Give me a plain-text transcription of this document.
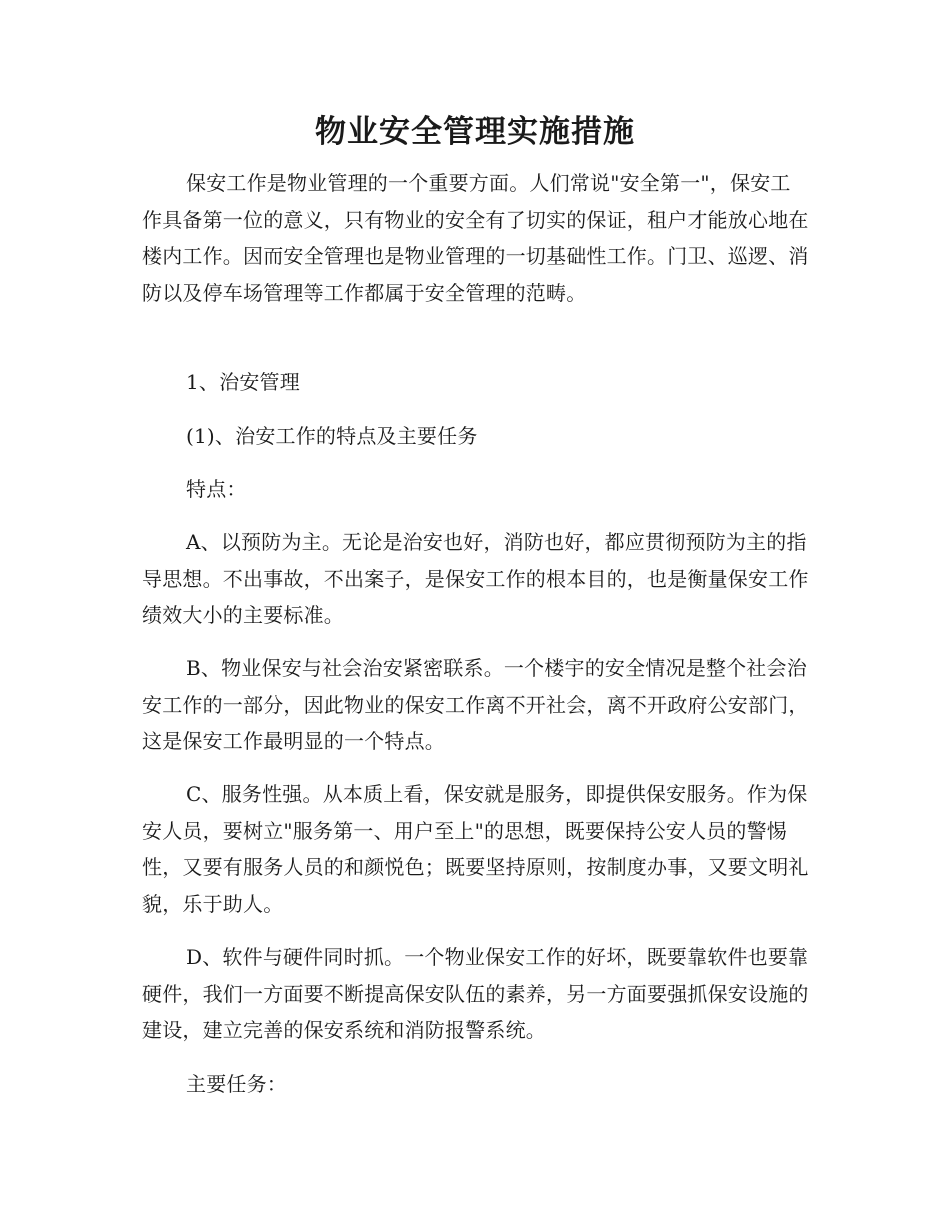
物业安全管理实施措施

保安工作是物业管理的一个重要方面。人们常说"安全第一"，保安工作具备第一位的意义，只有物业的安全有了切实的保证，租户才能放心地在楼内工作。因而安全管理也是物业管理的一切基础性工作。门卫、巡逻、消防以及停车场管理等工作都属于安全管理的范畴。

1、治安管理

(1)、治安工作的特点及主要任务

特点：

A、以预防为主。无论是治安也好，消防也好，都应贯彻预防为主的指导思想。不出事故，不出案子，是保安工作的根本目的，也是衡量保安工作绩效大小的主要标准。

B、物业保安与社会治安紧密联系。一个楼宇的安全情况是整个社会治安工作的一部分，因此物业的保安工作离不开社会，离不开政府公安部门，这是保安工作最明显的一个特点。

C、服务性强。从本质上看，保安就是服务，即提供保安服务。作为保安人员，要树立"服务第一、用户至上"的思想，既要保持公安人员的警惕性，又要有服务人员的和颜悦色；既要坚持原则，按制度办事，又要文明礼貌，乐于助人。

D、软件与硬件同时抓。一个物业保安工作的好坏，既要靠软件也要靠硬件，我们一方面要不断提高保安队伍的素养，另一方面要强抓保安设施的建设，建立完善的保安系统和消防报警系统。

主要任务：
